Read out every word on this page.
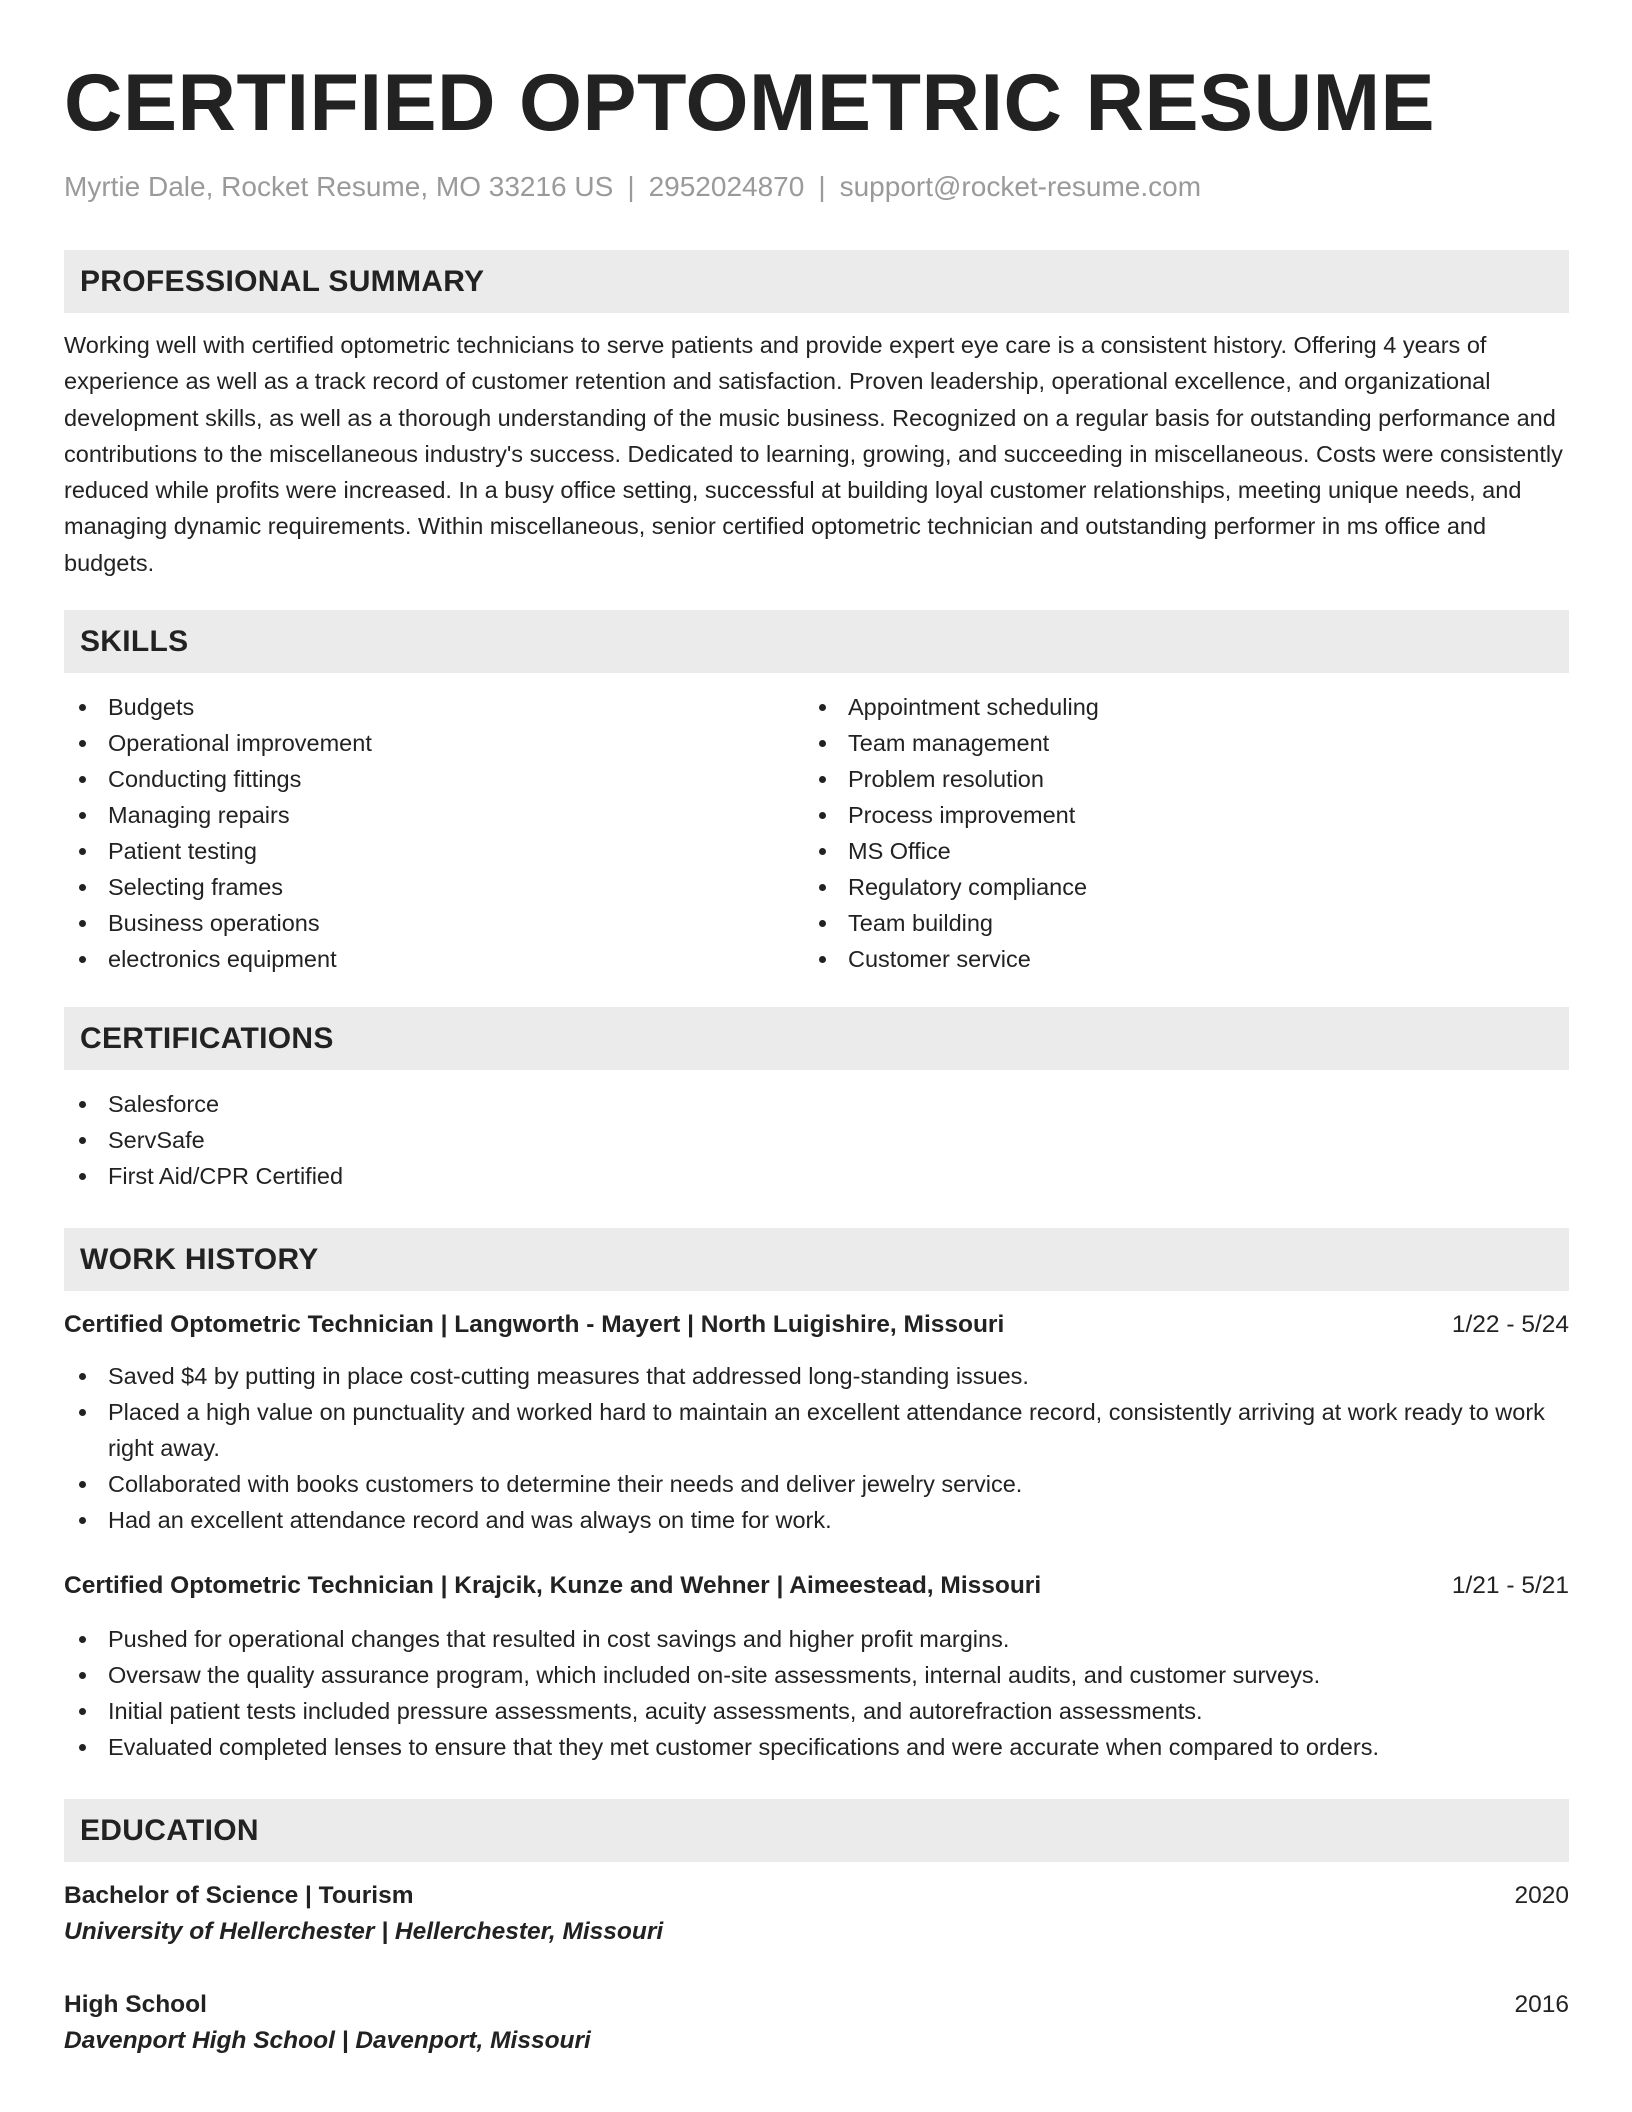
CERTIFIED OPTOMETRIC RESUME
Myrtie Dale, Rocket Resume, MO 33216 US | 2952024870 | support@rocket-resume.com
PROFESSIONAL SUMMARY

Working well with certified optometric technicians to serve patients and provide expert eye care is a consistent history. Offering 4 years of experience as well as a track record of customer retention and satisfaction. Proven leadership, operational excellence, and organizational development skills, as well as a thorough understanding of the music business. Recognized on a regular basis for outstanding performance and contributions to the miscellaneous industry's success. Dedicated to learning, growing, and succeeding in miscellaneous. Costs were consistently reduced while profits were increased. In a busy office setting, successful at building loyal customer relationships, meeting unique needs, and managing dynamic requirements. Within miscellaneous, senior certified optometric technician and outstanding performer in ms office and budgets.

SKILLS
Budgets
Operational improvement
Conducting fittings
Managing repairs
Patient testing
Selecting frames
Business operations
electronics equipment
Appointment scheduling
Team management
Problem resolution
Process improvement
MS Office
Regulatory compliance
Team building
Customer service
CERTIFICATIONS
Salesforce
ServSafe
First Aid/CPR Certified
WORK HISTORY
Certified Optometric Technician | Langworth - Mayert | North Luigishire, Missouri	1/22 - 5/24
Saved $4 by putting in place cost-cutting measures that addressed long-standing issues.
Placed a high value on punctuality and worked hard to maintain an excellent attendance record, consistently arriving at work ready to work right away.
Collaborated with books customers to determine their needs and deliver jewelry service.
Had an excellent attendance record and was always on time for work.
Certified Optometric Technician | Krajcik, Kunze and Wehner | Aimeestead, Missouri	1/21 - 5/21
Pushed for operational changes that resulted in cost savings and higher profit margins.
Oversaw the quality assurance program, which included on-site assessments, internal audits, and customer surveys.
Initial patient tests included pressure assessments, acuity assessments, and autorefraction assessments.
Evaluated completed lenses to ensure that they met customer specifications and were accurate when compared to orders.
EDUCATION
Bachelor of Science | Tourism	2020
University of Hellerchester | Hellerchester, Missouri
High School	2016
Davenport High School | Davenport, Missouri
